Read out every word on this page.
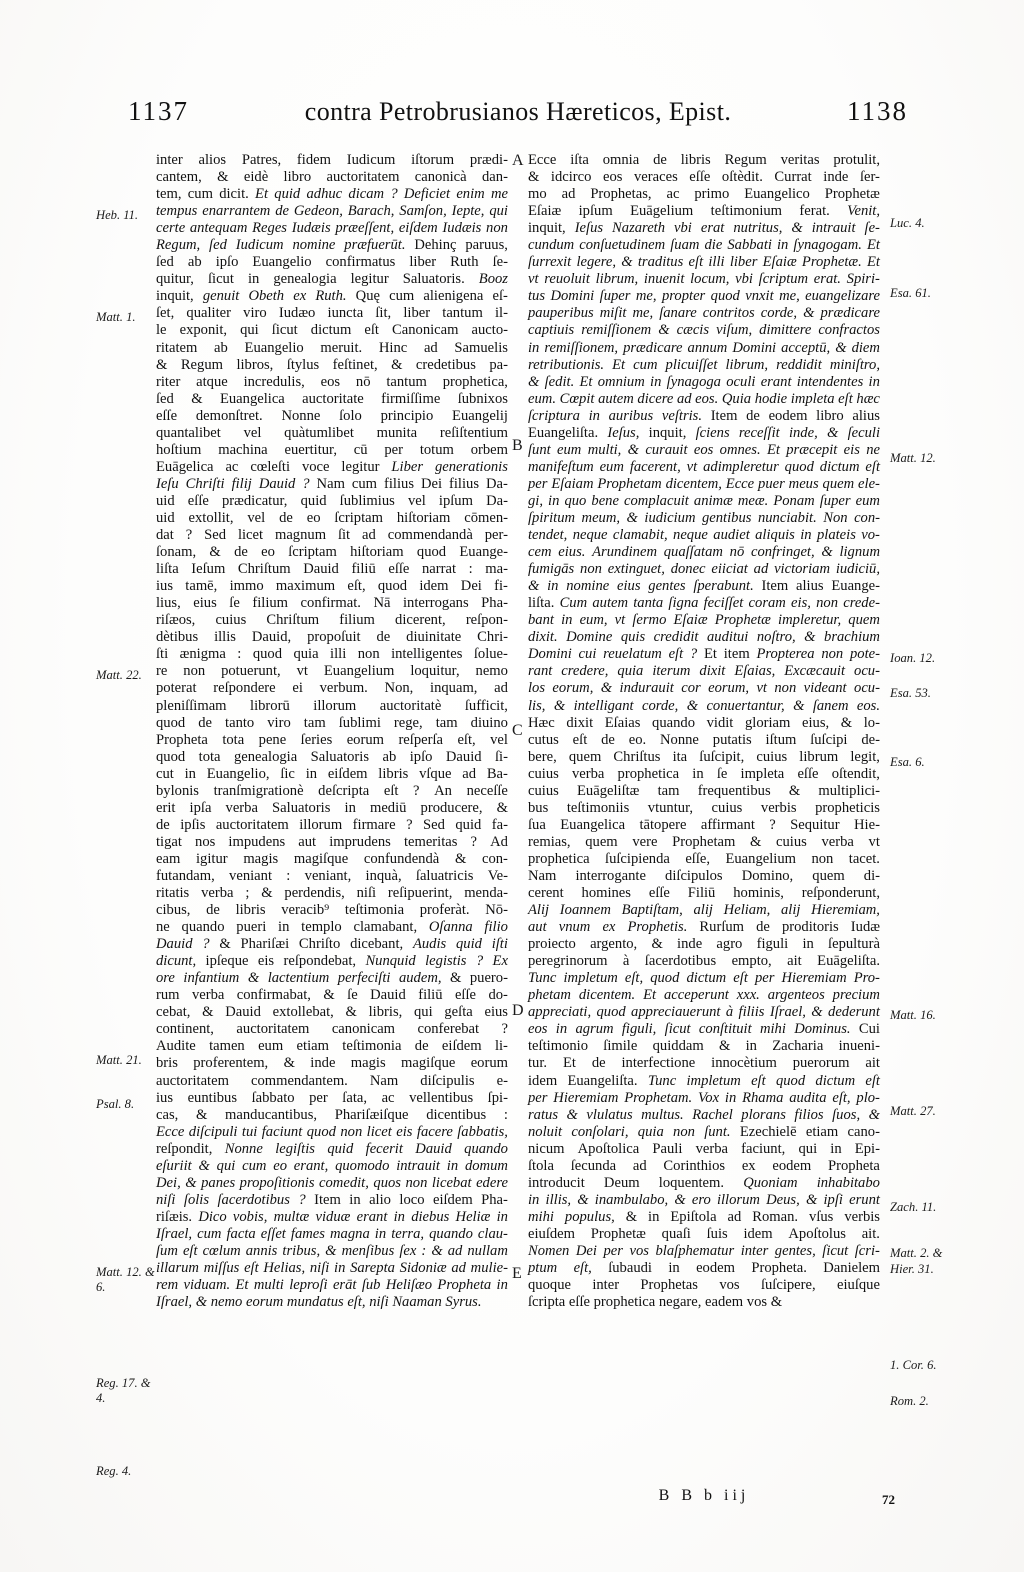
1137	contra Petrobrusianos Hæreticos, Epist.	1138
Heb. 11.
Matt. 1.
Matt. 22.
Matt. 21.
Psal. 8.
Matt. 12. &
6.
Reg. 17. &
4.
Reg. 4.
Luc. 4.
Esa. 61.
Matt. 12.
Ioan. 12.
Esa. 53.
Esa. 6.
Matt. 16.
Matt. 27.
Zach. 11.
Matt. 2. &
Hier. 31.
1. Cor. 6.
Rom. 2.
A
B
C
D
E
inter alios Patres, fidem Iudicum iſtorum prædi-
cantem, & eidè libro auctoritatem canonicà dan-
tem, cum dicit. Et quid adhuc dicam ? Deficiet enim me
tempus enarrantem de Gedeon, Barach, Samſon, Iepte, qui
certe antequam Reges Iudæis præeſſent, eiſdem Iudæis non
Regum, ſed Iudicum nomine præfuerūt. Dehinç paruus,
ſed ab ipſo Euangelio confirmatus liber Ruth ſe-
quitur, ſicut in genealogia legitur Saluatoris. Booz
inquit, genuit Obeth ex Ruth. Quę cum alienigena eſ-
ſet, qualiter viro Iudæo iuncta ſit, liber tantum il-
le exponit, qui ſicut dictum eſt Canonicam aucto-
ritatem ab Euangelio meruit. Hinc ad Samuelis
& Regum libros, ſtylus feſtinet, & credetibus pa-
riter atque incredulis, eos nō tantum prophetica,
ſed & Euangelica auctoritate firmiſſime ſubnixos
eſſe demonſtret. Nonne ſolo principio Euangelij
quantalibet vel quàtumlibet munita reſiſtentium
hoſtium machina euertitur, cū per totum orbem
Euāgelica ac cœleſti voce legitur Liber generationis
Ieſu Chriſti filij Dauid ? Nam cum filius Dei filius Da-
uid eſſe prædicatur, quid ſublimius vel ipſum Da-
uid extollit, vel de eo ſcriptam hiſtoriam cōmen-
dat ? Sed licet magnum ſit ad commendandà per-
ſonam, & de eo ſcriptam hiſtoriam quod Euange-
liſta Ieſum Chriſtum Dauid filiū eſſe narrat : ma-
ius tamē, immo maximum eſt, quod idem Dei fi-
lius, eius ſe filium confirmat. Nā interrogans Pha-
riſæos, cuius Chriſtum filium dicerent, reſpon-
dètibus illis Dauid, propoſuit de diuinitate Chri-
ſti ænigma : quod quia illi non intelligentes ſolue-
re non potuerunt, vt Euangelium loquitur, nemo
poterat reſpondere ei verbum. Non, inquam, ad
pleniſſimam librorū illorum auctoritatè ſufficit,
quod de tanto viro tam ſublimi rege, tam diuino
Propheta tota pene ſeries eorum reſperſa eſt, vel
quod tota genealogia Saluatoris ab ipſo Dauid ſi-
cut in Euangelio, ſic in eiſdem libris vſque ad Ba-
bylonis tranſmigrationè deſcripta eſt ? An neceſſe
erit ipſa verba Saluatoris in mediū producere, &
de ipſis auctoritatem illorum firmare ? Sed quid fa-
tigat nos impudens aut imprudens temeritas ? Ad
eam igitur magis magiſque confundendà & con-
futandam, veniant : veniant, inquà, ſaluatricis Ve-
ritatis verba ; & perdendis, niſi reſipuerint, menda-
cibus, de libris veracib⁹ teſtimonia proferàt. Nō-
ne quando pueri in templo clamabant, Oſanna filio
Dauid ? & Phariſæi Chriſto dicebant, Audis quid iſti
dicunt, ipſeque eis reſpondebat, Nunquid legistis ? Ex
ore infantium & lactentium perfeciſti audem, & puero-
rum verba confirmabat, & ſe Dauid filiū eſſe do-
cebat, & Dauid extollebat, & libris, qui geſta eius
continent, auctoritatem canonicam conferebat ?
Audite tamen eum etiam teſtimonia de eiſdem li-
bris proferentem, & inde magis magiſque eorum
auctoritatem commendantem. Nam diſcipulis e-
ius euntibus ſabbato per ſata, ac vellentibus ſpi-
cas, & manducantibus, Phariſæiſque dicentibus :
Ecce diſcipuli tui faciunt quod non licet eis facere ſabbatis,
reſpondit, Nonne legiſtis quid fecerit Dauid quando
eſuriit & qui cum eo erant, quomodo intrauit in domum
Dei, & panes propoſitionis comedit, quos non licebat edere
niſi ſolis ſacerdotibus ? Item in alio loco eiſdem Pha-
riſæis. Dico vobis, multæ viduæ erant in diebus Heliæ in
Iſrael, cum facta eſſet fames magna in terra, quando clau-
ſum eſt cœlum annis tribus, & menſibus ſex : & ad nullam
illarum miſſus eſt Helias, niſi in Sarepta Sidoniæ ad mulie-
rem viduam. Et multi leproſi erāt ſub Heliſæo Propheta in
Iſrael, & nemo eorum mundatus eſt, niſi Naaman Syrus.
Ecce iſta omnia de libris Regum veritas protulit,
& idcirco eos veraces eſſe oſtèdit. Currat inde ſer-
mo ad Prophetas, ac primo Euangelico Prophetæ
Eſaiæ ipſum Euāgelium teſtimonium ferat. Venit,
inquit, Ieſus Nazareth vbi erat nutritus, & intrauit ſe-
cundum conſuetudinem ſuam die Sabbati in ſynagogam. Et
ſurrexit legere, & traditus eſt illi liber Eſaiæ Prophetæ. Et
vt reuoluit librum, inuenit locum, vbi ſcriptum erat. Spiri-
tus Domini ſuper me, propter quod vnxit me, euangelizare
pauperibus miſit me, ſanare contritos corde, & prædicare
captiuis remiſſionem & cæcis viſum, dimittere confractos
in remiſſionem, prædicare annum Domini acceptū, & diem
retributionis. Et cum plicuiſſet librum, reddidit miniſtro,
& ſedit. Et omnium in ſynagoga oculi erant intendentes in
eum. Cœpit autem dicere ad eos. Quia hodie impleta eſt hæc
ſcriptura in auribus veſtris. Item de eodem libro alius
Euangeliſta. Ieſus, inquit, ſciens receſſit inde, & ſeculi
ſunt eum multi, & curauit eos omnes. Et præcepit eis ne
manifeſtum eum facerent, vt adimpleretur quod dictum eſt
per Eſaiam Prophetam dicentem, Ecce puer meus quem ele-
gi, in quo bene complacuit animæ meæ. Ponam ſuper eum
ſpiritum meum, & iudicium gentibus nunciabit. Non con-
tendet, neque clamabit, neque audiet aliquis in plateis vo-
cem eius. Arundinem quaſſatam nō confringet, & lignum
fumigās non extinguet, donec eiiciat ad victoriam iudiciū,
& in nomine eius gentes ſperabunt. Item alius Euange-
liſta. Cum autem tanta ſigna feciſſet coram eis, non crede-
bant in eum, vt ſermo Eſaiæ Prophetæ impleretur, quem
dixit. Domine quis credidit auditui noſtro, & brachium
Domini cui reuelatum eſt ? Et item Propterea non pote-
rant credere, quia iterum dixit Eſaias, Excæcauit ocu-
los eorum, & indurauit cor eorum, vt non videant ocu-
lis, & intelligant corde, & conuertantur, & ſanem eos.
Hæc dixit Eſaias quando vidit gloriam eius, & lo-
cutus eſt de eo. Nonne putatis iſtum ſuſcipi de-
bere, quem Chriſtus ita ſuſcipit, cuius librum legit,
cuius verba prophetica in ſe impleta eſſe oſtendit,
cuius Euāgeliſtæ tam frequentibus & multiplici-
bus teſtimoniis vtuntur, cuius verbis propheticis
ſua Euangelica tātopere affirmant ? Sequitur Hie-
remias, quem vere Prophetam & cuius verba vt
prophetica ſuſcipienda eſſe, Euangelium non tacet.
Nam interrogante diſcipulos Domino, quem di-
cerent homines eſſe Filiū hominis, reſponderunt,
Alij Ioannem Baptiſtam, alij Heliam, alij Hieremiam,
aut vnum ex Prophetis. Rurſum de proditoris Iudæ
proiecto argento, & inde agro figuli in ſepulturà
peregrinorum à ſacerdotibus empto, ait Euāgeliſta.
Tunc impletum eſt, quod dictum eſt per Hieremiam Pro-
phetam dicentem. Et acceperunt xxx. argenteos precium
appreciati, quod appreciauerunt à filiis Iſrael, & dederunt
eos in agrum figuli, ſicut conſtituit mihi Dominus. Cui
teſtimonio ſimile quiddam & in Zacharia inueni-
tur. Et de interfectione innocètium puerorum ait
idem Euangeliſta. Tunc impletum eſt quod dictum eſt
per Hieremiam Prophetam. Vox in Rhama audita eſt, plo-
ratus & vlulatus multus. Rachel plorans filios ſuos, &
noluit conſolari, quia non ſunt. Ezechielē etiam cano-
nicum Apoſtolica Pauli verba faciunt, qui in Epi-
ſtola ſecunda ad Corinthios ex eodem Propheta
introducit Deum loquentem. Quoniam inhabitabo
in illis, & inambulabo, & ero illorum Deus, & ipſi erunt
mihi populus, & in Epiſtola ad Roman. vſus verbis
eiuſdem Prophetæ quaſi ſuis idem Apoſtolus ait.
Nomen Dei per vos blaſphematur inter gentes, ſicut ſcri-
ptum eſt, ſubaudi in eodem Propheta. Danielem
quoque inter Prophetas vos ſuſcipere, eiuſque
ſcripta eſſe prophetica negare, eadem vos &
B B b iij	72
